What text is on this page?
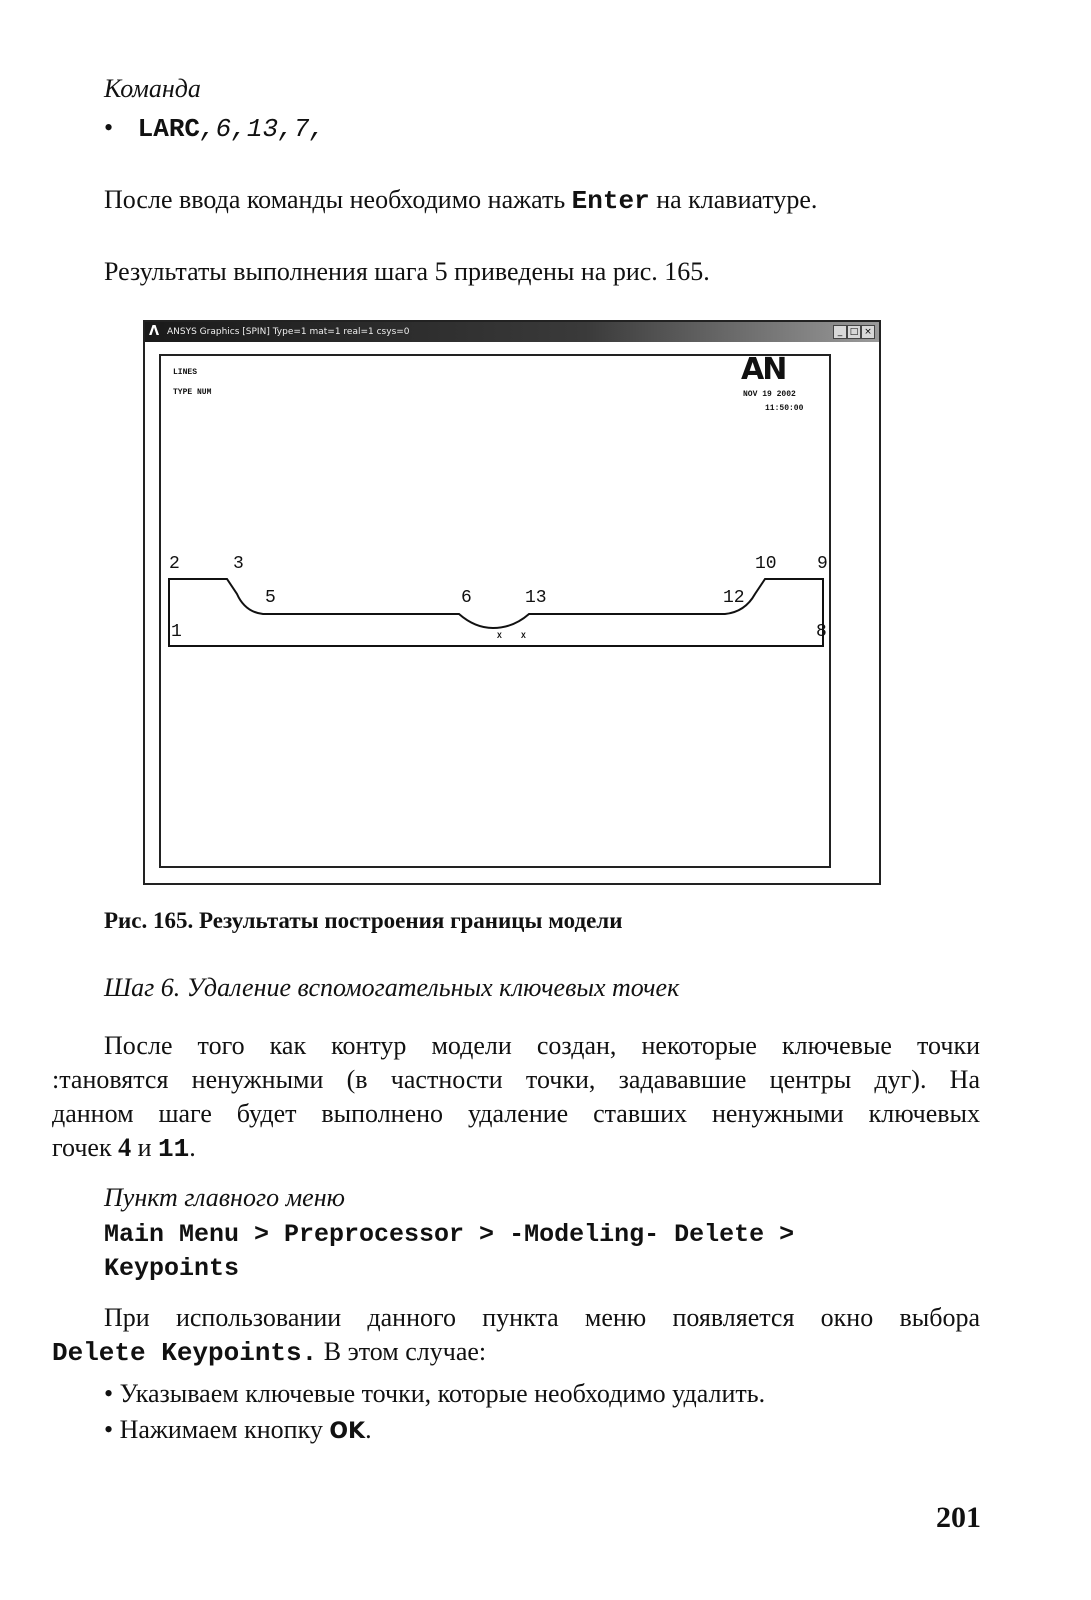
Команда
• LARC,6,13,7,
После ввода команды необходимо нажать Enter на клавиатуре.
Результаты выполнения шага 5 приведены на рис. 165.
Λ ANSYS Graphics [SPIN] Type=1 mat=1 real=1 csys=0	_ □ ×
LINES
TYPE NUM
AN
NOV 19 2002
11:50:00
1
2	3
5	6	13	12
10 9
8
X X
Рис. 165. Результаты построения границы модели
Шаг 6. Удаление вспомогательных ключевых точек
После того как контур модели создан, некоторые ключевые точки
:тановятся ненужными (в частности точки, задававшие центры дуг). На
данном шаге будет выполнено удаление ставших ненужными ключевых
гочек 4 и 11.
Пункт главного меню
Main Menu > Preprocessor > -Modeling- Delete >
Keypoints
При использовании данного пункта меню появляется окно выбора
Delete Keypoints. В этом случае:
• Указываем ключевые точки, которые необходимо удалить.
• Нажимаем кнопку OK.
201
